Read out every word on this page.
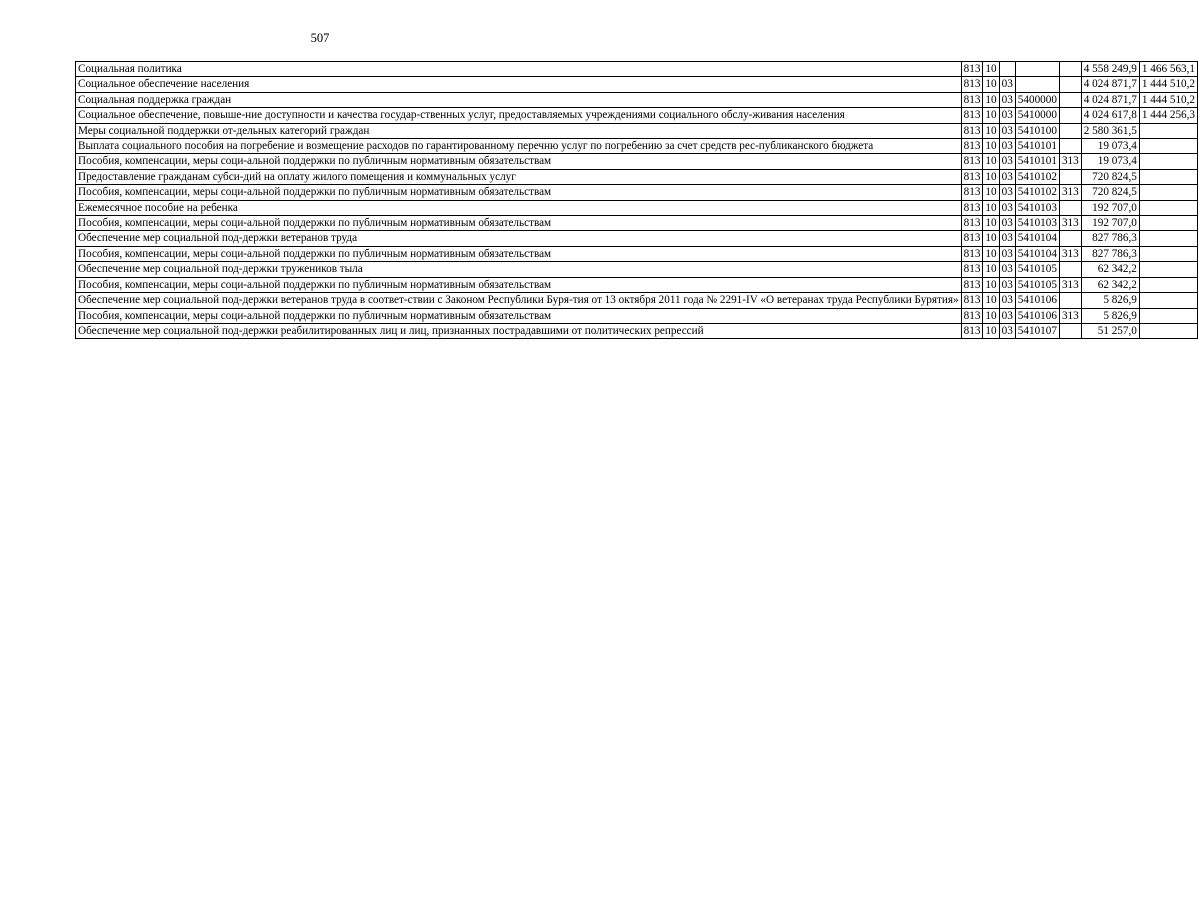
507
Социальная политика	813	10				4 558 249,9	1 466 563,1
Социальное обеспечение населения	813	10	03			4 024 871,7	1 444 510,2
Социальная поддержка граждан	813	10	03	5400000		4 024 871,7	1 444 510,2
Социальное обеспечение, повыше-ние доступности и качества государ-ственных услуг, предоставляемых учреждениями социального обслу-живания населения	813	10	03	5410000		4 024 617,8	1 444 256,3
Меры социальной поддержки от-дельных категорий граждан	813	10	03	5410100		2 580 361,5	
Выплата социального пособия на погребение и возмещение расходов по гарантированному перечню услуг по погребению за счет средств рес-публиканского бюджета	813	10	03	5410101		19 073,4	
Пособия, компенсации, меры соци-альной поддержки по публичным нормативным обязательствам	813	10	03	5410101	313	19 073,4	
Предоставление гражданам субси-дий на оплату жилого помещения и коммунальных услуг	813	10	03	5410102		720 824,5	
Пособия, компенсации, меры соци-альной поддержки по публичным нормативным обязательствам	813	10	03	5410102	313	720 824,5	
Ежемесячное пособие на ребенка	813	10	03	5410103		192 707,0	
Пособия, компенсации, меры соци-альной поддержки по публичным нормативным обязательствам	813	10	03	5410103	313	192 707,0	
Обеспечение мер социальной под-держки ветеранов труда	813	10	03	5410104		827 786,3	
Пособия, компенсации, меры соци-альной поддержки по публичным нормативным обязательствам	813	10	03	5410104	313	827 786,3	
Обеспечение мер социальной под-держки тружеников тыла	813	10	03	5410105		62 342,2	
Пособия, компенсации, меры соци-альной поддержки по публичным нормативным обязательствам	813	10	03	5410105	313	62 342,2	
Обеспечение мер социальной под-держки ветеранов труда в соответ-ствии с Законом Республики Буря-тия от 13 октября 2011 года № 2291-IV «О ветеранах труда Республики Бурятия»	813	10	03	5410106		5 826,9	
Пособия, компенсации, меры соци-альной поддержки по публичным нормативным обязательствам	813	10	03	5410106	313	5 826,9	
Обеспечение мер социальной под-держки реабилитированных лиц и лиц, признанных пострадавшими от политических репрессий	813	10	03	5410107		51 257,0	
